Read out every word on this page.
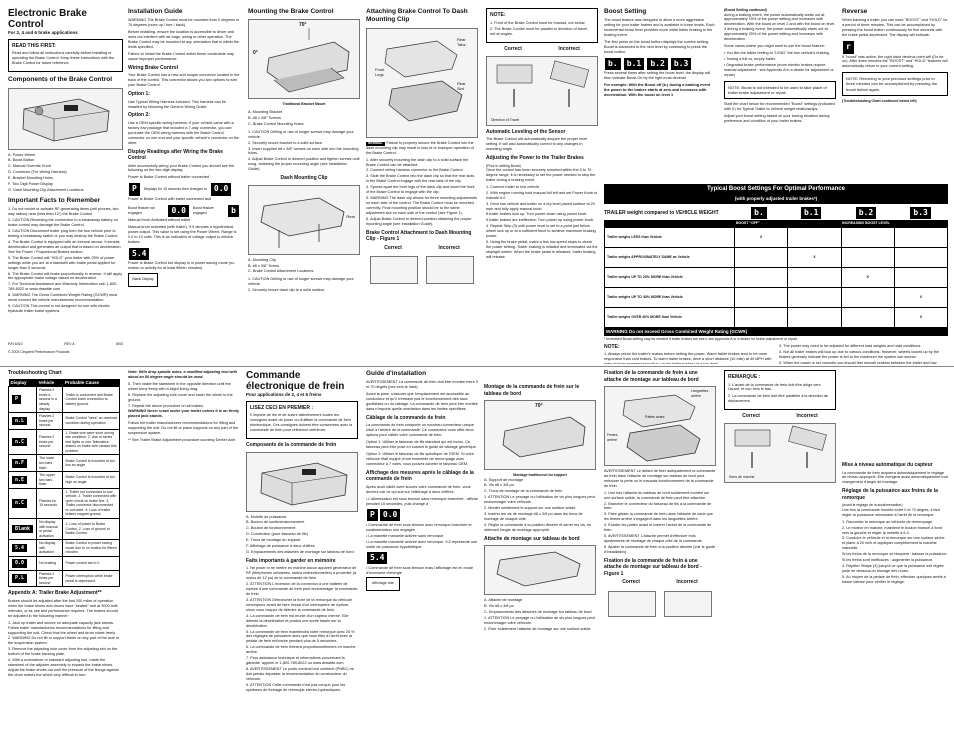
Electronic Brake Control
For 2, 4 and 6 brake applications
READ THIS FIRST:
Read and follow all instructions carefully before installing or operating the Brake Control. Keep these instructions with the Brake Control for future reference.
Components of the Brake Control
A. Power Wheel
B. Boost Button
C. Manual Override Knob
D. Connector (For Wiring Harness)
E. Bracket Mounting Holes
F. Two Digit Power Display
G. Dash Mounting Clip Attachment Locations
Important Facts to Remember
1. Do not mount or activate RF-generating items (cell phones, two way radios) near (less than 12") the Brake Control.
2. CAUTION Reversing the connection to a breakaway battery on brake control may damage the Brake Control.
3. CAUTION Disconnect trailer plug from the tow vehicle prior to testing a breakaway switch or you may destroy the Brake Control.
4. The Brake Control is equipped with an internal sensor. It senses deceleration and generates an output that is based on deceleration. See the Power / Proportional Brakes section.
5. The Brake Control will "HOLD" your trailer with 25% of power settings while you are at a standstill with brake pedal applied for longer than 5 seconds.
6. The Brake Control will brake proportionally in reverse. It will apply the appropriate brake voltage based on deceleration.
7. For Technical Assistance and Warranty Information call: 1-800-789-8022 or www.drawtite.com
8. WARNING The Gross Combined Weight Rating (GCWR) must never exceed the vehicle manufactures recommendation.
9. CAUTION This control is not designed for use with electric hydraulic trailer brake systems.
P/N 6410	REV A	8/03
© 2003 Cequent Performance Products
Installation Guide
WARNING The Brake Control must be mounted from 0 degrees to 70 degrees (nose up / fore / back).
Before installing, ensure the location is accessible to driver and does not interfere with air bags, wiring or other operation. The Brake Control may be mounted at any orientation that is within the limits specified.
Failure to install the Brake Control within these constraints may cause improper performance.
Wiring Brake Control
Your Brake Control has a new and unique connector located in the back of the control. This connector allows you two options to wire your Brake Control.
Option 1:
Use Typical Wiring Harness included. This harness can be installed by following the Generic Wiring Guide.
Option 2:
Use a OEM specific wiring harness. If your vehicle came with a factory tow package that included a 7-way connector, you can purchase the OEM wiring harness with the Brake Control connector on one end and your specific vehicle's connector on the other.
Display Readings after Wiring the Brake Control
After successfully wiring your Brake Control you should see the following on the two-digit display.
Power is Brake Control without trailer connected
P	Displays for 15 seconds then changes to 0.0
Power is Brake Control with trailer connected and
Boost feature not engaged	0.0	Boost feature engaged	b
Manual Knob Activated without trailer
Manual knob activated (with trailer). 9.5 denotes a hypothetical power output. This value is set using the Power Wheel. Range is 0.0 to 13 volts. This is an indication of voltage output to electric brakes.
5.4
Power is Brake Control but display is in power saving mode (no motion or activity for at least fifteen minutes)
Blank Display
Mounting the Brake Control
70°
0°
Traditional Bracket Mount
A. Mounting Bracket
B. #8 x 3/8" Screws
C. Brake Control Mounting Holes
1. CAUTION Drilling or use of longer screws may damage your vehicle.
2. Securely mount bracket to a solid surface.
3. Insert supplied #8 x 3/8" screws on each side into the mounting holes.
4. Adjust Brake Control to desired position and tighten screws until snug, obtaining the proper mounting angle (see Installation Guide).
Dash Mounting Clip
Rear
A. Mounting Clip
B. #8 x 3/8" Screw
C. Brake Control Attachment Locations
1. CAUTION Drilling or use of longer screws may damage your vehicle.
2. Securely mount dash clip to a solid surface.
Attaching Brake Control To Dash Mounting Clip
Rear Tabs
Front Legs
Rear Slot
WARNING Failure to properly secure the Brake Control into the dash mounting clip may result in loss of or improper operation of the Brake Control.
1. After securely mounting the dash clip to a solid surface the Brake Control can be attached.
2. Connect wiring harness connector to the Brake Control.
3. Slide the Brake Control into the dash clip so that the rear slots in the Brake Control engage with the rear tabs of the clip.
4. Spread apart the front legs of the dash clip and insert the front of the Brake Control to engage with the clip.
5. WARNING The dash clip allows for three mounting adjustments on each side of the control. The Brake Control must be mounted correctly. Final mounting position should be to the same adjustment slot on each side of the control (see Figure 1).
6. Adjust Brake Control to desired position obtaining the proper mounting angle (see Installation Guide).
Brake Control Attachment to Dash Mounting Clip - Figure 1
Correct	Incorrect
NOTE:
1. Front of the Brake Control must be forward, not below.
2. The Brake Control must be parallel to direction of travel, not at angles.
Correct	Incorrect
Direction of Travel
Automatic Leveling of the Sensor
The Brake Control will automatically acquire the proper level setting. It will also automatically correct to any changes in mounting angle.
Adjusting the Power to the Trailer Brakes
(Prior to setting Boost)
Once the control has been securely mounted within the 0 to 70 degree range, it is necessary to set the power needed to stop the trailer during a braking event.
1. Connect trailer to tow vehicle.
2. With engine running hold manual full left and set Power Knob to indicate 6.0
3. Drive tow vehicle and trailer on a dry level paved surface at 20 mph and fully apply manual knob.
If trailer brakes lock up: Turn power down using power knob.
If trailer brakes are ineffective: Turn power up using power knob.
4. Repeat Step (3) until power level is set to a point just below wheel lock up or at a sufficient force to achieve maximum braking power.
5. Using the brake pedal, make a few low speed stops to check the power setting. Trailer braking is initiated and terminated via the stoplight switch. When the brake pedal is released, trailer braking will release.
Boost Setting
The boost feature was designed to allow a more aggressive setting for your trailer brakes and is available in three levels. Each incremental boost level provides more initial trailer braking to the braking event.
The first press on the boost button displays the current setting. Boost is advanced to the next level by continuing to press the boost button.
b. b.1 b.2 b.3
Press several times after setting the boost level, the display will then indicate Boost On by the right most decimal.
For example: With the Boost off (b.) during a braking event the power to the brakes starts at zero and increases with deceleration. With the boost on level 1
(Boost Setting continued)
during a braking event, the power automatically starts out at approximately 15% of the power setting and increases with deceleration. With the boost on level 2 and with the boost on level 3 during a braking event, the power automatically starts out at approximately 25% of the power setting and increases with deceleration.
Some cases where you might want to use the boost feature:
• You like the trailer feeling to "LEAD" the tow vehicle's braking.
• Towing a full vs. empty trailer.
• Degraded brake performance (more electric brakes require manual adjustment - see Appendix A in a dealer for adjustment or repair)
NOTE: Boost is not intended to be used to take place of trailer brake adjustment or repair.
Start the chart below for recommended "Boost" settings (indicated with X) for Typical Trailer to Vehicle weight relationships.
Adjust your boost setting based on your towing situation during preference and condition of your trailer brakes.
Reverse
When backing a trailer you can used "BOOST" and "HOLD" for a period of three minutes. This can be accomplished by pressing the boost button continuously for five seconds with the brake pedal depressed. The display will indicate:
r
If "boost" was active, the right hand decimal point will (Do be on). After three minutes the "BOOST" and "HOLD" features will automatically return to your current setting.
NOTE: Returning to your previous settings prior to three minutes can be accomplished by pressing the boost button again.
(Troubleshooting Chart continued below left)
Typical Boost Settings For Optimal Performance
(with properly adjusted trailer brakes*)
TRAILER weight compared to VEHICLE WEIGHT	b.	b.1	b.2	b.3
BOOST "OFF"	INCREASING BOOST LEVEL
Trailer weighs LESS than Vehicle	X			
Trailer weighs APPROXIMATELY SAME as Vehicle		X		
Trailer weighs UP TO 20% MORE than Vehicle			X	
Trailer weighs UP TO 40% MORE than Vehicle				X
Trailer weighs OVER 40% MORE than Vehicle				X
WARNING Do not exceed Gross Combined Weight Rating (GCWR)
* Increased Boost setting may be needed if trailer brakes are worn, see Appendix A or a dealer for brake adjustment or repair.
NOTE:
1. Always return the trailer's brakes before setting the power. Warm trailer brakes tend to be more responsive than cold brakes. To warm trailer brakes, drive a short distance (10 mile) at 40 MPH with
3. The power may need to be adjusted for different load weights and road conditions.
4. Not all trailer brakes will lock up due to various conditions. However, wheels locked up by the brakes generally indicate the power is set to the maximum the system can source.
5. When the power is set correctly you should feel smooth braking between the trailer and tow
Troubleshooting Chart
Display	Vehicle	Probable Cause
P	Flashes 2 times a second in a steady display	Trailer is connected and Brake Control loses connection to battery ground.
n.L	Flashes 2 times per second	Brake Control "sees" an overload condition during operation
n.C	Flashes 2 times per second	1. Brake wire were short during site condition. 2. Use of series test lights or non Telematics testers on brake wire causes this problem.
n.F	The lower two bars flash	Brake Control is mounted at too low an angle
n.E	The upper two bars flash	Brake Control is mounted at too high an angle
n.C	Flashes for 15 seconds	1. Trailer not connected to tow vehicle. 2. Trailer connected with open circuit on brake line. 3. Trailer connector disconnected or corroded. 4. Loss of trailer brakes magnet ground.
Blank	No display with manual or pedal activation	1. Loss of power to Brake Control. 2. Loss of ground to Brake Control.
5.4	No display with activation	Brake Control in power saving mode due to no motion for fifteen minutes
0.0	No braking	Power control set to 0
P.L	Flashes 2 times per second	Power interruption while brake pedal is depressed.
Appendix A: Trailer Brake Adjustment**
Brakes should be adjusted after the first 200 miles of operation when the brake shoes and drums have "seated" and at 3000 mile intervals, or as use and performance requires. The brakes should be adjusted in the following manner:
1. Jack up trailer and secure on adequate capacity jack stands. Follow trailer manufacturers recommendations for lifting and supporting the unit. Check that the wheel and drum rotate freely.
2. WARNING Do not lift or support trailer on any part of the axle or the suspension system.
3. Remove the adjusting hole cover from the adjusting slot on the bottom of the brake backing plate.
4. With a screwdriver or standard adjusting tool, rotate the starwheel of the adjuster assembly to expand the brake shoes. Adjust the brake shoes out until the pressure of the linings against the drum makes the wheel very difficult to turn.
Note: With drop spindle axles, a modified adjusting tool with about an 80 degree angle should be used.
5. Then rotate the starwheel in the opposite direction until the wheel turns freely with a slight lining drag.
6. Replace the adjusting hole cover and lower the wheel to the ground.
7. Repeat the above procedure on all brakes.
WARNING Never crawl under your trailer unless it is on firmly placed jack stands.
Follow the trailer manufacturers recommendations for lifting and supporting the unit. Do not lift or place supports on any part of the suspension system.
** See Trailer Brake Adjustment procedure courtesy Dexter Axle.
Commande électronique de frein
Pour applications de 2, 4 et 6 freins
LISEZ CECI EN PREMIER :
Il importe de lire et de suivre attentivement toutes les consignes avant de poser ou d'utiliser la commande de frein électronique. Ces consignes doivent être conservées avec la commande de frein pour référence ultérieure.
Composants de la commande de frein
A. Molette de puissance
B. Bouton de surdimensionnement
C. Bouton de fonctionnement
D. Connecteur (pour faisceau de fils)
E. Trous de montage du support
F. Affichage de puissance à deux chiffres
G. Emplacements des attaches de montage sur tableau de bord
Faits importants à garder en mémoire
1. Ne poser ni ne mettre en marche aucun appareil générateur de RF (téléphones cellulaires, radios bidirectionnelles) à proximité (à moins de 12 po) de la commande de frein.
2. ATTENTION L'inversion de la connexion à une batterie de rupture d'une commande de frein peut endommager la commande de frein.
3. ATTENTION Débrancher la fiche de la remorque du véhicule remorqueur avant de faire l'essai d'un interrupteur de rupture, sinon vous risquez de détruire la commande de frein.
4. La commande de frein est munie d'un capteur interne. Elle détecte la décélération et produit une sortie basée sur la décélération.
5. La commande de frein maintiendra votre remorque avec 25 % des réglages de puissance alors que vous êtes à l'arrêt avec la pédale de frein enfoncée pendant plus de 5 secondes.
6. La commande de frein freinera proportionnellement en marche arrière.
7. Pour assistance technique et informations concernant la garantie, appeler le 1-800-789-8022 ou www.drawtite.com
8. AVERTISSEMENT Le poids nominal brut combiné (PNBC) ne doit jamais dépasser la recommandation du constructeur du véhicule.
9. ATTENTION Cette commande n'est pas conçue pour les systèmes de freinage de remorque électro-hydrauliques.
Guide d'installation
AVERTISSEMENT La commande de frein doit être montée entre 0 et 70 degrés (nez vers le haut).
Avant la pose, s'assurer que l'emplacement est accessible au conducteur et qu'il n'entrave pas le fonctionnement des sacs gonflables ou du câblage. La commande de frein peut être montée dans n'importe quelle orientation dans les limites spécifiées.
Câblage de la commande de frein
La commande de frein comporte un nouveau connecteur unique situé à l'arrière de la commande. Ce connecteur vous offre deux options pour câbler votre commande de frein.
Option 1: Utiliser le faisceau de fils standard qui est inclus. Ce faisceau peut être posé en suivant le guide de câblage générique.
Option 2: Utiliser le faisceau de fils spécifique de l'OEM. Si votre véhicule était équipé d'une ensemble de remorquage avec connecteur à 7 voies, vous pouvez acheter le faisceau OEM.
Affichage des mesures après le câblage de la commande de frein
Après avoir câblé avec succès votre commande de frein, vous devriez voir ce qui suit sur l'affichage à deux chiffres.
• L'alimentation est sous tension sans remorque branchée - affiche pendant 15 secondes, puis change à
P 0.0
• Commande de frein sous tension avec remorque branchée et suralimentation non engagée
• La manette manuelle activée sans remorque
• La manette manuelle activée avec remorque. 9.5 représente une sortie de puissance hypothétique.
5.4
• Commande de frein sous tension mais l'affichage est en mode d'économie d'énergie
Affichage vide
Montage de la commande de frein sur le tableau de bord
70°
Montage traditionnel du support
A. Support de montage
B. Vis #8 x 3/8 po
C. Trous de montage de la commande de frein
1. ATTENTION Le perçage ou l'utilisation de vis plus longues peut endommager votre véhicule.
2. Monter solidement le support sur une surface solide.
3. Insérer les vis de montage #8 x 3/8 po dans les trous de montage de chaque côté.
4. Régler la commande à la position désirée et serrer les vis, en obtenant l'angle de montage approprié.
Attache de montage sur tableau de bord
A. Attache de montage
B. Vis #8 x 3/8 po
C. Emplacements des attaches de montage sur tableau de bord
1. ATTENTION Le perçage ou l'utilisation de vis plus longues peut endommager votre véhicule.
2. Fixer solidement l'attache de montage sur une surface solide.
Fixation de la commande de frein à une attache de montage sur tableau de bord
Languettes arrière
Pattes avant
Fentes arrière
AVERTISSEMENT Le défaut de fixer adéquatement la commande de frein dans l'attache de montage sur tableau de bord peut entraîner la perte ou le mauvais fonctionnement de la commande de frein.
1. Une fois l'attache du tableau de bord solidement montée sur une surface solide, la commande de frein peut être attachée.
2. Brancher le connecteur du faisceau de fils à la commande de frein.
3. Faire glisser la commande de frein dans l'attache de sorte que les fentes arrière s'engagent dans les languettes arrière.
4. Écarter les pattes avant et insérer l'avant de la commande de frein.
5. AVERTISSEMENT L'attache permet d'effectuer trois ajustements de montage de chaque côté de la commande.
6. Ajuster la commande de frein à la position désirée (voir le guide d'installation).
Fixation de la commande de frein à une attache de montage sur tableau de bord - Figure 1
Correct	Incorrect
REMARQUE :
1. L'avant de la commande de frein doit être dirigé vers l'avant, et non vers le bas.
2. La commande de frein doit être parallèle à la direction de déplacement.
Correct	Incorrect
Sens de marche
Mise à niveau automatique du capteur
La commande de frein acquerra automatiquement le réglage de niveau approprié. Elle corrigera aussi automatiquement tout changement d'angle de montage.
Réglage de la puissance aux freins de la remorque
(avant le réglage de la suralimentation)
Une fois la commande montée entre 0 et 70 degrés, il faut régler la puissance nécessaire à l'arrêt de la remorque.
1. Raccorder la remorque au véhicule de remorquage.
2. Le moteur en marche, maintenir le bouton manuel à fond vers la gauche et régler la molette à 6.0.
3. Conduire le véhicule et la remorque sur une surface sèche et plane à 20 mi/h et appliquer complètement la manette manuelle.
Si les freins de la remorque se bloquent : baisser la puissance.
Si les freins sont inefficaces : augmenter la puissance.
4. Répéter l'étape (3) jusqu'à ce que la puissance soit réglée juste en dessous du blocage des roues.
5. Au moyen de la pédale de frein, effectuer quelques arrêts à basse vitesse pour vérifier le réglage.
